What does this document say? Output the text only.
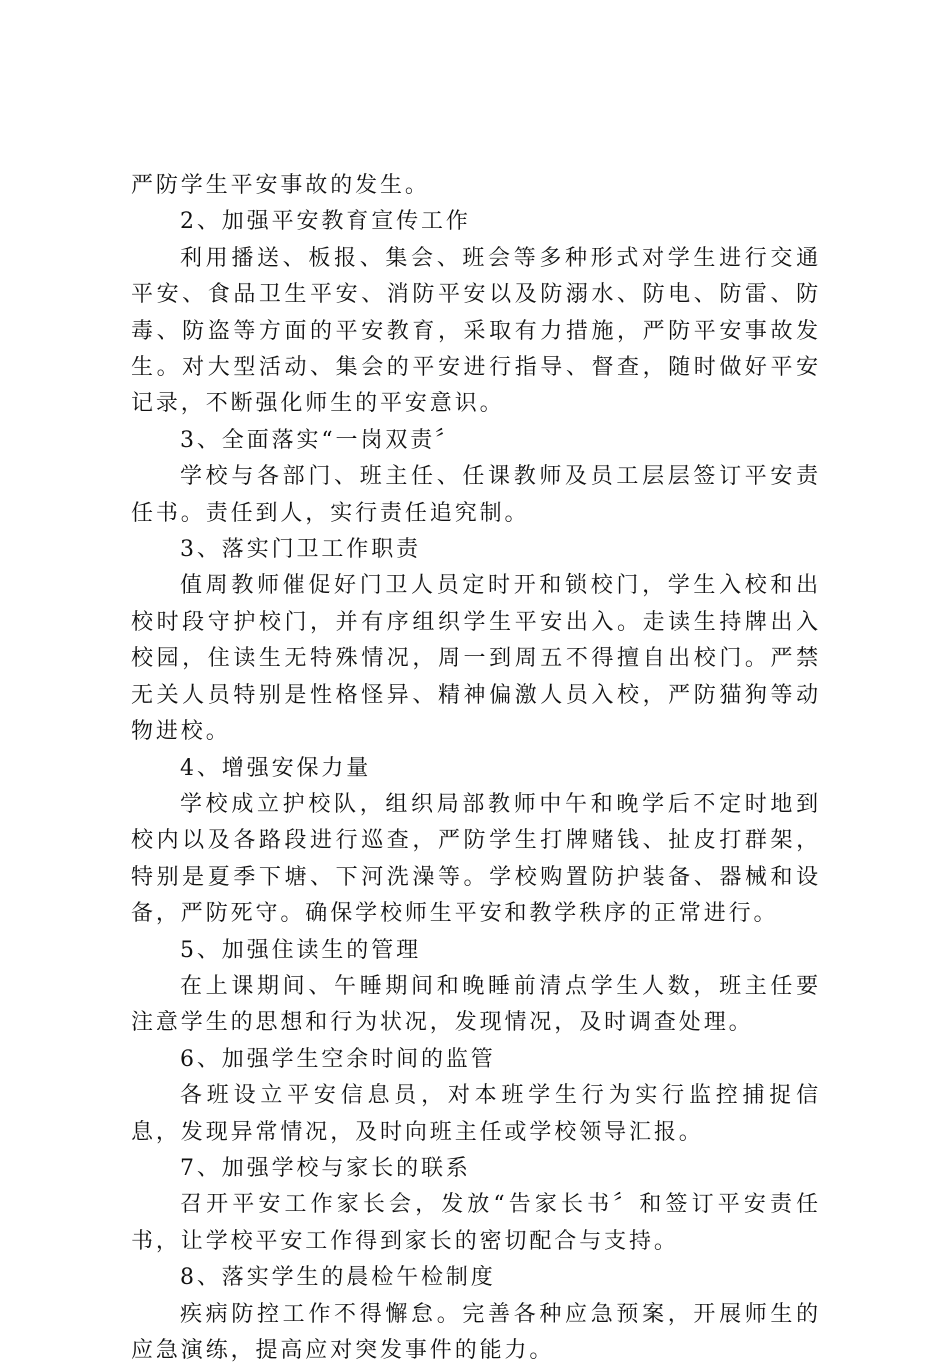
严防学生平安事故的发生。

2、加强平安教育宣传工作

利用播送、板报、集会、班会等多种形式对学生进行交通平安、食品卫生平安、消防平安以及防溺水、防电、防雷、防毒、防盗等方面的平安教育，采取有力措施，严防平安事故发生。对大型活动、集会的平安进行指导、督查，随时做好平安记录，不断强化师生的平安意识。

3、全面落实“一岗双责〞

学校与各部门、班主任、任课教师及员工层层签订平安责任书。责任到人，实行责任追究制。

3、落实门卫工作职责

值周教师催促好门卫人员定时开和锁校门，学生入校和出校时段守护校门，并有序组织学生平安出入。走读生持牌出入校园，住读生无特殊情况，周一到周五不得擅自出校门。严禁无关人员特别是性格怪异、精神偏激人员入校，严防猫狗等动物进校。

4、增强安保力量

学校成立护校队，组织局部教师中午和晚学后不定时地到校内以及各路段进行巡查，严防学生打牌赌钱、扯皮打群架，特别是夏季下塘、下河洗澡等。学校购置防护装备、器械和设备，严防死守。确保学校师生平安和教学秩序的正常进行。

5、加强住读生的管理

在上课期间、午睡期间和晚睡前清点学生人数，班主任要注意学生的思想和行为状况，发现情况，及时调查处理。

6、加强学生空余时间的监管

各班设立平安信息员，对本班学生行为实行监控捕捉信息，发现异常情况，及时向班主任或学校领导汇报。

7、加强学校与家长的联系

召开平安工作家长会，发放“告家长书〞和签订平安责任书，让学校平安工作得到家长的密切配合与支持。

8、落实学生的晨检午检制度

疾病防控工作不得懈怠。完善各种应急预案，开展师生的应急演练，提高应对突发事件的能力。
